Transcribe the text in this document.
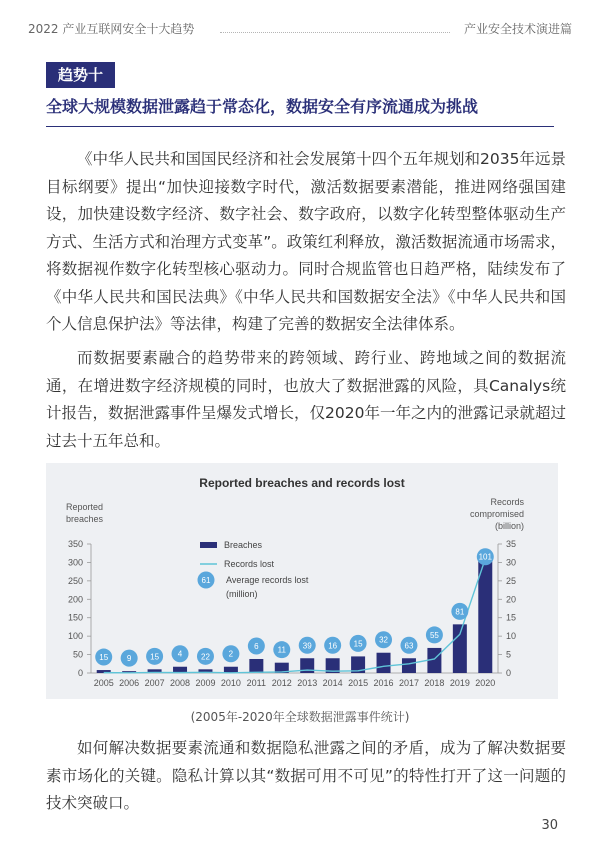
2022 产业互联网安全十大趋势	产业安全技术演进篇
趋势十
全球大规模数据泄露趋于常态化，数据安全有序流通成为挑战
《中华人民共和国国民经济和社会发展第十四个五年规划和2035年远景目标纲要》提出“加快迎接数字时代，激活数据要素潜能，推进网络强国建设，加快建设数字经济、数字社会、数字政府，以数字化转型整体驱动生产方式、生活方式和治理方式变革”。政策红利释放，激活数据流通市场需求，将数据视作数字化转型核心驱动力。同时合规监管也日趋严格，陆续发布了《中华人民共和国民法典》《中华人民共和国数据安全法》《中华人民共和国个人信息保护法》等法律，构建了完善的数据安全法律体系。
而数据要素融合的趋势带来的跨领域、跨行业、跨地域之间的数据流通，在增进数字经济规模的同时，也放大了数据泄露的风险，具Canalys统计报告，数据泄露事件呈爆发式增长，仅2020年一年之内的泄露记录就超过过去十五年总和。
Reported breaches and records lost
Reported
breaches
Records
compromised
(billion)
0
50
100
150
200
250
300
350
0
5
10
15
20
25
30
35
15 9 15 4 22 2
6 11 39 16 15 32
63
55
81
101
2005 2006 2007 2008 2009 2010 2011 2012 2013 2014 2015 2016 2017 2018 2019 2020
Breaches
Records lost
61 Average records lost
(million)
(2005年-2020年全球数据泄露事件统计)
如何解决数据要素流通和数据隐私泄露之间的矛盾，成为了解决数据要素市场化的关键。隐私计算以其“数据可用不可见”的特性打开了这一问题的技术突破口。
30
